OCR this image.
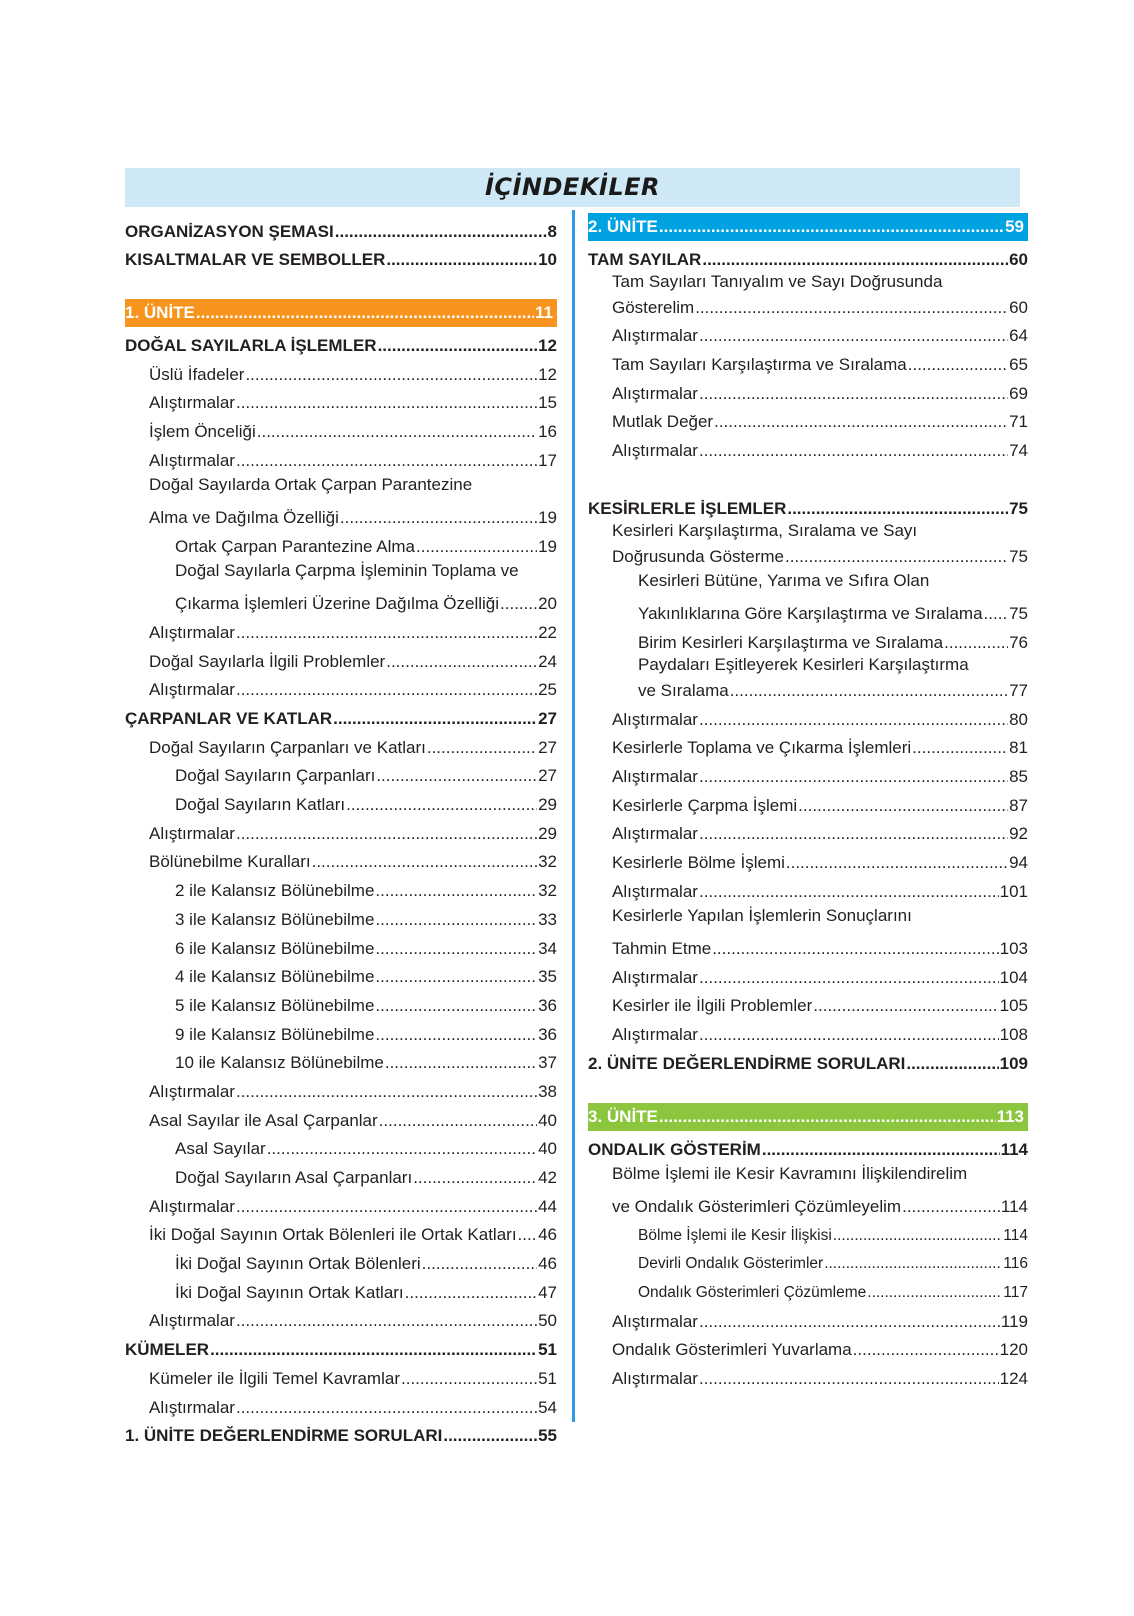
İÇİNDEKİLER
ORGANİZASYON ŞEMASI .....	8
KISALTMALAR VE SEMBOLLER .....	10
1. ÜNİTE .....	11
DOĞAL SAYILARLA İŞLEMLER .....	12
Üslü İfadeler .....	12
Alıştırmalar .....	15
İşlem Önceliği .....	16
Alıştırmalar .....	17
Doğal Sayılarda Ortak Çarpan Parantezine
Alma ve Dağılma Özelliği .....	19
Ortak Çarpan Parantezine Alma .....	19
Doğal Sayılarla Çarpma İşleminin Toplama ve
Çıkarma İşlemleri Üzerine Dağılma Özelliği ..... 20
Alıştırmalar .....	22
Doğal Sayılarla İlgili Problemler .....	24
Alıştırmalar .....	25
ÇARPANLAR VE KATLAR .....	27
Doğal Sayıların Çarpanları ve Katları .....	27
Doğal Sayıların Çarpanları .....	27
Doğal Sayıların Katları .....	29
Alıştırmalar .....	29
Bölünebilme Kuralları .....	32
2 ile Kalansız Bölünebilme .....	32
3 ile Kalansız Bölünebilme .....	33
6 ile Kalansız Bölünebilme .....	34
4 ile Kalansız Bölünebilme .....	35
5 ile Kalansız Bölünebilme .....	36
9 ile Kalansız Bölünebilme .....	36
10 ile Kalansız Bölünebilme .....	37
Alıştırmalar .....	38
Asal Sayılar ile Asal Çarpanlar .....	40
Asal Sayılar .....	40
Doğal Sayıların Asal Çarpanları .....	42
Alıştırmalar .....	44
İki Doğal Sayının Ortak Bölenleri ile Ortak Katları ..... 46
İki Doğal Sayının Ortak Bölenleri .....	46
İki Doğal Sayının Ortak Katları .....	47
Alıştırmalar .....	50
KÜMELER .....	51
Kümeler ile İlgili Temel Kavramlar .....	51
Alıştırmalar .....	54
1. ÜNİTE DEĞERLENDİRME SORULARI .....	55
2. ÜNİTE .....	59
TAM SAYILAR .....	60
Tam Sayıları Tanıyalım ve Sayı Doğrusunda
Gösterelim .....	60
Alıştırmalar .....	64
Tam Sayıları Karşılaştırma ve Sıralama .....	65
Alıştırmalar .....	69
Mutlak Değer .....	71
Alıştırmalar .....	74
KESİRLERLE İŞLEMLER .....	75
Kesirleri Karşılaştırma, Sıralama ve Sayı
Doğrusunda Gösterme .....	75
Kesirleri Bütüne, Yarıma ve Sıfıra Olan
Yakınlıklarına Göre Karşılaştırma ve Sıralama ..... 75
Birim Kesirleri Karşılaştırma ve Sıralama .....	76
Paydaları Eşitleyerek Kesirleri Karşılaştırma
ve Sıralama .....	77
Alıştırmalar .....	80
Kesirlerle Toplama ve Çıkarma İşlemleri .....	81
Alıştırmalar .....	85
Kesirlerle Çarpma İşlemi .....	87
Alıştırmalar .....	92
Kesirlerle Bölme İşlemi .....	94
Alıştırmalar .....	101
Kesirlerle Yapılan İşlemlerin Sonuçlarını
Tahmin Etme .....	103
Alıştırmalar .....	104
Kesirler ile İlgili Problemler .....	105
Alıştırmalar .....	108
2. ÜNİTE DEĞERLENDİRME SORULARI .....	109
3. ÜNİTE .....	113
ONDALIK GÖSTERİM .....	114
Bölme İşlemi ile Kesir Kavramını İlişkilendirelim
ve Ondalık Gösterimleri Çözümleyelim .....	114
Bölme İşlemi ile Kesir İlişkisi .....	114
Devirli Ondalık Gösterimler .....	116
Ondalık Gösterimleri Çözümleme .....	117
Alıştırmalar .....	119
Ondalık Gösterimleri Yuvarlama .....	120
Alıştırmalar .....	124
